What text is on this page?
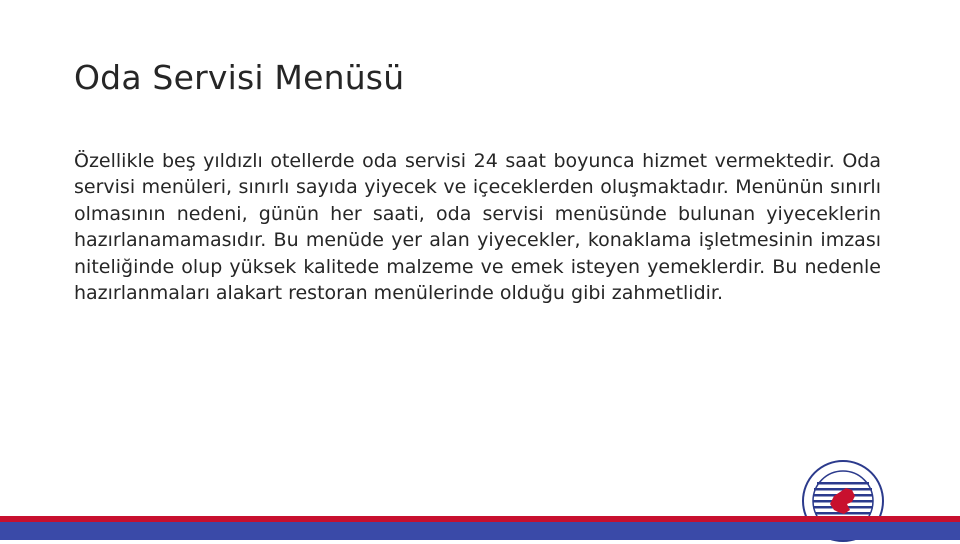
Oda Servisi Menüsü

Özellikle beş yıldızlı otellerde oda servisi 24 saat boyunca hizmet vermektedir. Oda servisi menüleri, sınırlı sayıda yiyecek ve içeceklerden oluşmaktadır. Menünün sınırlı olmasının nedeni, günün her saati, oda servisi menüsünde bulunan yiyeceklerin hazırlanamamasıdır. Bu menüde yer alan yiyecekler, konaklama işletmesinin imzası niteliğinde olup yüksek kalitede malzeme ve emek isteyen yemeklerdir. Bu nedenle hazırlanmaları alakart restoran menülerinde olduğu gibi zahmetlidir.
